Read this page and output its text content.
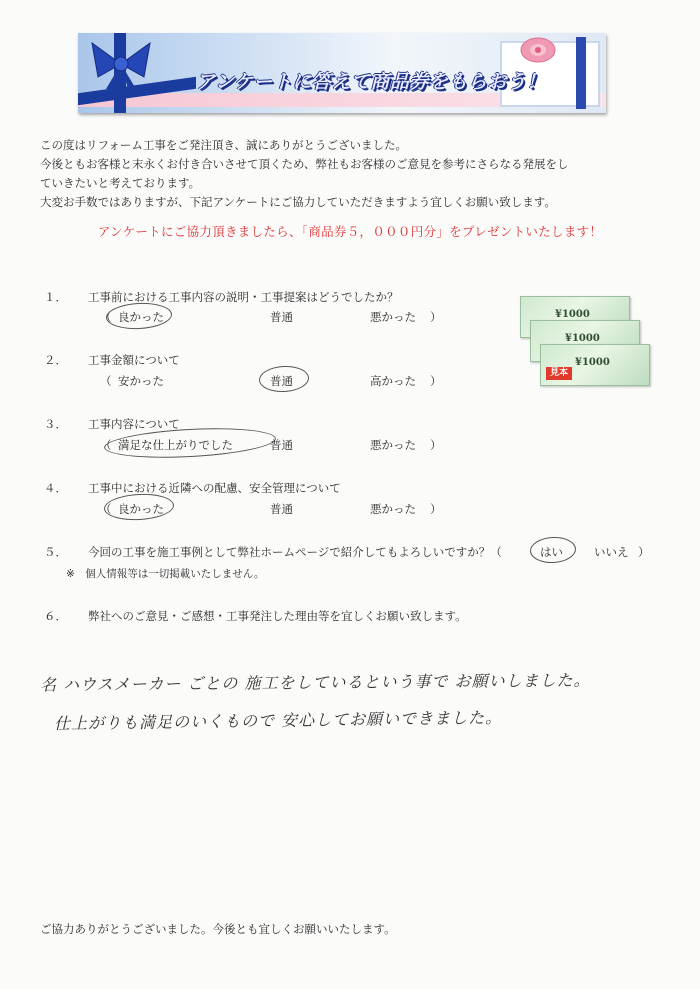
アンケートに答えて商品券をもらおう！

この度はリフォーム工事をご発注頂き、誠にありがとうございました。

今後ともお客様と末永くお付き合いさせて頂くため、弊社もお客様のご意見を参考にさらなる発展をし

ていきたいと考えております。

大変お手数ではありますが、下記アンケートにご協力していただきますよう宜しくお願い致します。

アンケートにご協力頂きましたら、「商品券５，０００円分」をプレゼントいたします！
¥1000
¥1000
¥1000
見本
１．	工事前における工事内容の説明・工事提案はどうでしたか？
（ 良かった	普通	悪かった ）
２．	工事金額について
（ 安かった	普通	高かった ）
３．	工事内容について
（ 満足な仕上がりでした	普通	悪かった ）
４．	工事中における近隣への配慮、安全管理について
（ 良かった	普通	悪かった ）
５．	今回の工事を施工事例として弊社ホームページで紹介してもよろしいですか？（	はい	いいえ ）
※　個人情報等は一切掲載いたしません。
６．	弊社へのご意見・ご感想・工事発注した理由等を宜しくお願い致します。
名 ハウスメーカー ごとの 施工をしているという事で お願いしました。
仕上がりも満足のいくもので 安心してお願いできました。
ご協力ありがとうございました。今後とも宜しくお願いいたします。
